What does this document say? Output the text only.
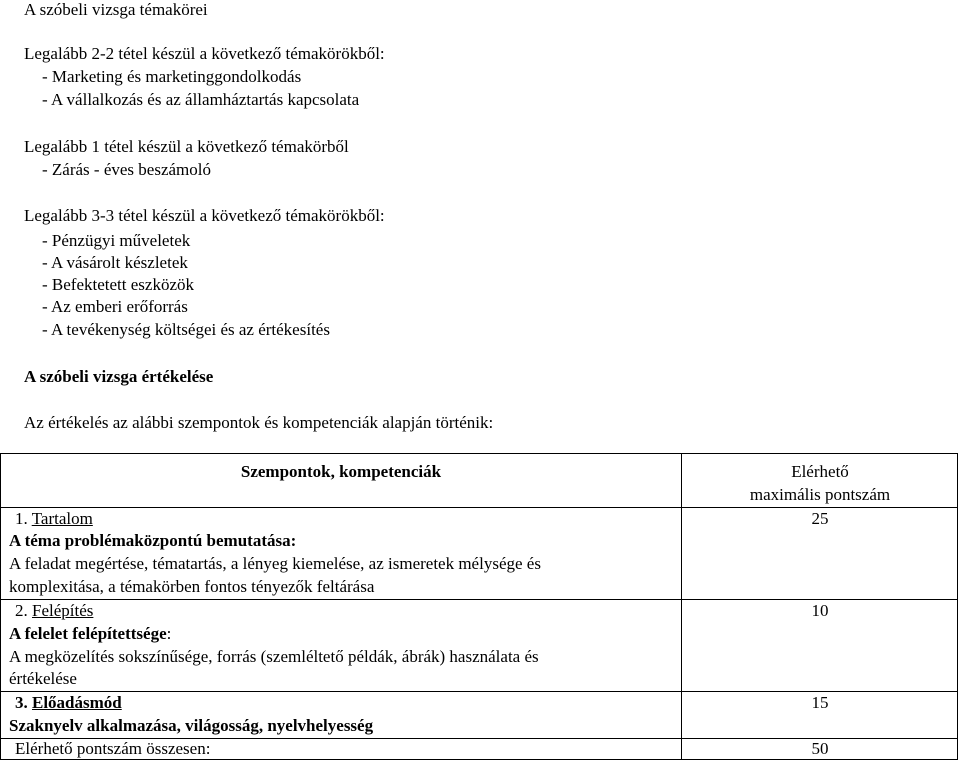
A szóbeli vizsga témakörei
Legalább 2-2 tétel készül a következő témakörökből:
- Marketing és marketinggondolkodás
- A vállalkozás és az államháztartás kapcsolata
Legalább 1 tétel készül a következő témakörből
- Zárás - éves beszámoló
Legalább 3-3 tétel készül a következő témakörökből:
- Pénzügyi műveletek
- A vásárolt készletek
- Befektetett eszközök
- Az emberi erőforrás
- A tevékenység költségei és az értékesítés
A szóbeli vizsga értékelése
Az értékelés az alábbi szempontok és kompetenciák alapján történik:
Szempontok, kompetenciák	Elérhető
maximális pontszám
1. Tartalom	25
A téma problémaközpontú bemutatása:
A feladat megértése, tématartás, a lényeg kiemelése, az ismeretek mélysége és
komplexitása, a témakörben fontos tényezők feltárása
2. Felépítés	10
A felelet felépítettsége:
A megközelítés sokszínűsége, forrás (szemléltető példák, ábrák) használata és
értékelése
3. Előadásmód	15
Szaknyelv alkalmazása, világosság, nyelvhelyesség
Elérhető pontszám összesen:	50
